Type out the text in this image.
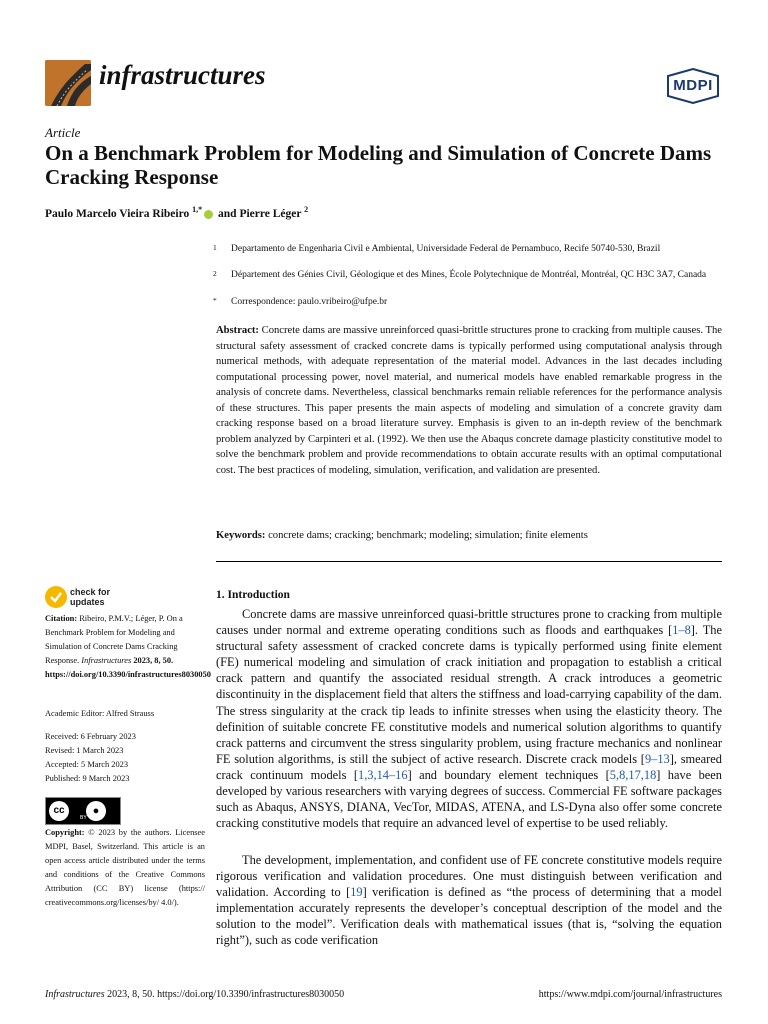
infrastructures	MDPI
Article
On a Benchmark Problem for Modeling and Simulation of Concrete Dams Cracking Response
Paulo Marcelo Vieira Ribeiro $^{1,*}$ and Pierre Léger $^2$
1 Departamento de Engenharia Civil e Ambiental, Universidade Federal de Pernambuco, Recife 50740-530, Brazil
2 Département des Génies Civil, Géologique et des Mines, École Polytechnique de Montréal, Montréal, QC H3C 3A7, Canada
* Correspondence: paulo.vribeiro@ufpe.br
Abstract: Concrete dams are massive unreinforced quasi-brittle structures prone to cracking from multiple causes. The structural safety assessment of cracked concrete dams is typically performed using computational analysis through numerical methods, with adequate representation of the material model. Advances in the last decades including computational processing power, novel material, and numerical models have enabled remarkable progress in the analysis of concrete dams. Nevertheless, classical benchmarks remain reliable references for the performance analysis of these structures. This paper presents the main aspects of modeling and simulation of a concrete gravity dam cracking response based on a broad literature survey. Emphasis is given to an in-depth review of the benchmark problem analyzed by Carpinteri et al. (1992). We then use the Abaqus concrete damage plasticity constitutive model to solve the benchmark problem and provide recommendations to obtain accurate results with an optimal computational cost. The best practices of modeling, simulation, verification, and validation are presented.
Keywords: concrete dams; cracking; benchmark; modeling; simulation; finite elements
check for
updates
Citation: Ribeiro, P.M.V.; Léger, P. On a Benchmark Problem for Modeling and Simulation of Concrete Dams Cracking Response. Infrastructures 2023, 8, 50. https://doi.org/10.3390/infrastructures8030050
Academic Editor: Alfred Strauss
Received: 6 February 2023
Revised: 1 March 2023
Accepted: 5 March 2023
Published: 9 March 2023
cc	●
BY
Copyright: © 2023 by the authors. Licensee MDPI, Basel, Switzerland. This article is an open access article distributed under the terms and conditions of the Creative Commons Attribution (CC BY) license (https:// creativecommons.org/licenses/by/ 4.0/).
1. Introduction
Concrete dams are massive unreinforced quasi-brittle structures prone to cracking from multiple causes under normal and extreme operating conditions such as floods and earthquakes [1–8]. The structural safety assessment of cracked concrete dams is typically performed using finite element (FE) numerical modeling and simulation of crack initiation and propagation to establish a critical crack pattern and quantify the associated residual strength. A crack introduces a geometric discontinuity in the displacement field that alters the stiffness and load-carrying capability of the dam. The stress singularity at the crack tip leads to infinite stresses when using the elasticity theory. The definition of suitable concrete FE constitutive models and numerical solution algorithms to quantify crack patterns and circumvent the stress singularity problem, using fracture mechanics and nonlinear FE solution algorithms, is still the subject of active research. Discrete crack models [9–13], smeared crack continuum models [1,3,14–16] and boundary element techniques [5,8,17,18] have been developed by various researchers with varying degrees of success. Commercial FE software packages such as Abaqus, ANSYS, DIANA, VecTor, MIDAS, ATENA, and LS-Dyna also offer some concrete cracking constitutive models that require an advanced level of expertise to be used reliably.
The development, implementation, and confident use of FE concrete constitutive models require rigorous verification and validation procedures. One must distinguish between verification and validation. According to [19] verification is defined as “the process of determining that a model implementation accurately represents the developer’s conceptual description of the model and the solution to the model”. Verification deals with mathematical issues (that is, “solving the equation right”), such as code verification
Infrastructures 2023, 8, 50. https://doi.org/10.3390/infrastructures8030050	https://www.mdpi.com/journal/infrastructures
